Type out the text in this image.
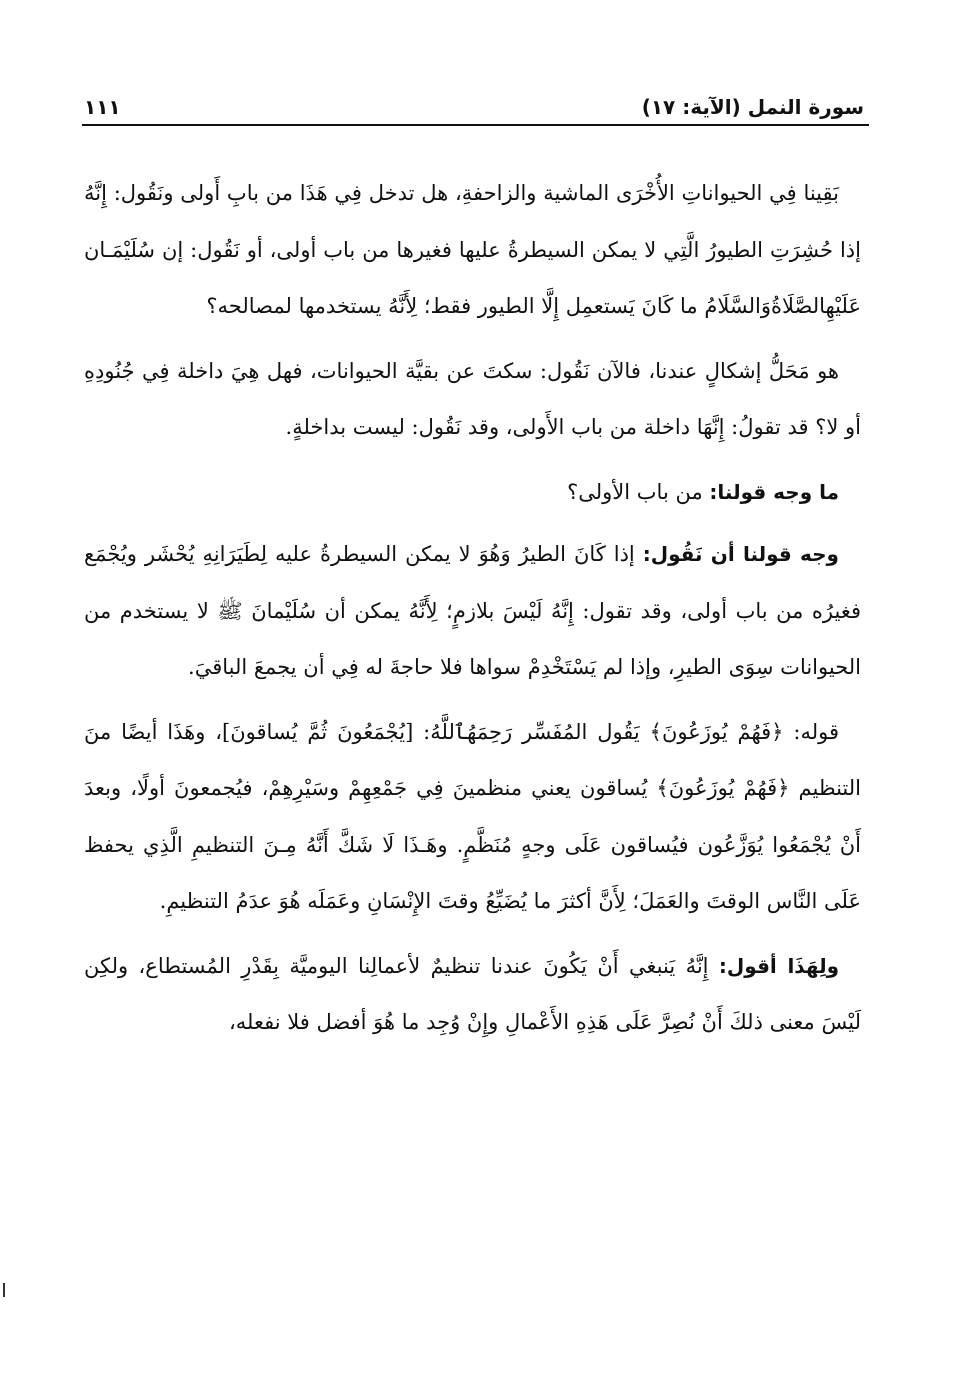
سورة النمل (الآية: ١٧)
١١١

بَقِينا فِي الحيواناتِ الأُخْرَى الماشية والزاحفةِ، هل تدخل فِي هَذَا من بابِ أَولى ونَقُول: إِنَّهُ إذا حُشِرَتِ الطيورُ الَّتِي لا يمكن السيطرةُ عليها فغيرها من باب أولى، أو نَقُول: إن سُلَيْمَـان عَلَيْهِالصَّلَاةُوَالسَّلَامُ ما كَانَ يَستعمِل إِلَّا الطيور فقط؛ لِأَنَّهُ يستخدمها لمصالحه؟

هو مَحَلُّ إشكالٍ عندنا، فالآن نَقُول: سكتَ عن بقيَّة الحيوانات، فهل هِيَ داخلة فِي جُنُودِهِ أو لا؟ قد تقولُ: إِنَّهَا داخلة من باب الأَولى، وقد نَقُول: ليست بداخلةٍ.

ما وجه قولنا: من باب الأولى؟

وجه قولنا أن نَقُول: إذا كَانَ الطيرُ وَهُوَ لا يمكن السيطرةُ عليه لِطَيَرَانِهِ يُحْشَر ويُجْمَع فغيرُه من باب أولى، وقد تقول: إِنَّهُ لَيْسَ بلازمٍ؛ لِأَنَّهُ يمكن أن سُلَيْمانَ ﷺ لا يستخدم من الحيوانات سِوَى الطيرِ، وإذا لم يَسْتَخْدِمْ سواها فلا حاجةَ له فِي أن يجمعَ الباقيَ.

قوله: ﴿فَهُمْ يُوزَعُونَ﴾ يَقُول المُفَسِّر رَحِمَهُٱللَّهُ: [يُجْمَعُونَ ثُمَّ يُساقونَ]، وهَذَا أيضًا منَ التنظيم ﴿فَهُمْ يُوزَعُونَ﴾ يُساقون يعني منظمينَ فِي جَمْعِهِمْ وسَيْرِهِمْ، فيُجمعونَ أولًا، وبعدَ أَنْ يُجْمَعُوا يُوَزَّعُون فيُساقون عَلَى وجهٍ مُنَظَّمٍ. وهَـذَا لَا شَكَّ أَنَّهُ مِـنَ التنظيمِ الَّذِي يحفظ عَلَى النَّاس الوقتَ والعَمَلَ؛ لِأَنَّ أكثرَ ما يُضَيِّعُ وقتَ الإِنْسَانِ وعَمَلَه هُوَ عدَمُ التنظيمِ.

ولِهَذَا أقول: إِنَّهُ يَنبغي أَنْ يَكُونَ عندنا تنظيمٌ لأعمالِنا اليوميَّة بِقَدْرِ المُستطاع، ولكِن لَيْسَ معنى ذلكَ أَنْ نُصِرَّ عَلَى هَذِهِ الأَعْمالِ وإِنْ وُجِد ما هُوَ أفضل فلا نفعله،
